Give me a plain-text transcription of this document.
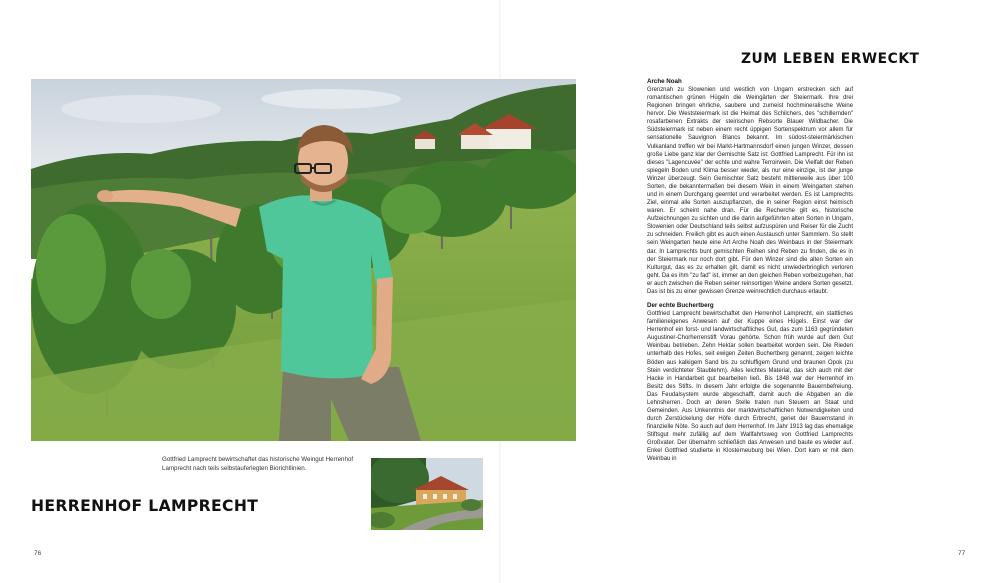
Gottfried Lamprecht bewirtschaftet das historische Weingut Herrenhof Lamprecht nach teils selbstauferlegten Biorichtlinien.
HERRENHOF LAMPRECHT
76
ZUM LEBEN ERWECKT
Arche Noah

Grenznah zu Slowenien und westlich von Ungarn erstrecken sich auf romantischen grünen Hügeln die Weingärten der Steiermark. Ihre drei Regionen bringen ehrliche, saubere und zumeist hochmineralische Weine hervor. Die Weststeiermark ist die Heimat des Schilchers, des "schillernden" rosafarbenen Extrakts der steirischen Rebsorte Blauer Wildbacher. Die Südsteiermark ist neben einem recht üppigen Sortenspektrum vor allem für sensationelle Sauvignon Blancs bekannt. Im südost-steiermärkischen Vulkanland treffen wir bei Markt-Hartmannsdorf einen jungen Winzer, dessen große Liebe ganz klar der Gemischte Satz ist: Gottfried Lamprecht. Für ihn ist dieses "Lagencuvée" der echte und wahre Terroirwein. Die Vielfalt der Reben spiegeln Boden und Klima besser wieder, als nur eine einzige, ist der junge Winzer überzeugt. Sein Gemischter Satz besteht mittlerweile aus über 100 Sorten, die bekanntermaßen bei diesem Wein in einem Weingarten stehen und in einem Durchgang geerntet und verarbeitet werden. Es ist Lamprechts Ziel, einmal alle Sorten auszupflanzen, die in seiner Region einst heimisch waren. Er scheint nahe dran. Für die Recherche gilt es, historische Aufzeichnungen zu sichten und die darin aufgeführten alten Sorten in Ungarn, Slowenien oder Deutschland teils selbst aufzuspüren und Reiser für die Zucht zu schneiden. Freilich gibt es auch einen Austausch unter Sammlern. So stellt sein Weingarten heute eine Art Arche Noah des Weinbaus in der Steiermark dar. In Lamprechts bunt gemischten Reihen sind Reben zu finden, die es in der Steiermark nur noch dort gibt. Für den Winzer sind die alten Sorten ein Kulturgut, das es zu erhalten gilt, damit es nicht unwiederbringlich verloren geht. Da es ihm "zu fad" ist, immer an den gleichen Reben vorbeizugehen, hat er auch zwischen die Reben seiner reinsortigen Weine andere Sorten gesetzt. Das ist bis zu einer gewissen Grenze weinrechtlich durchaus erlaubt.

Der echte Buchertberg

Gottfried Lamprecht bewirtschaftet den Herrenhof Lamprecht, ein stattliches familieneigenes Anwesen auf der Kuppe eines Hügels. Einst war der Herrenhof ein forst- und landwirtschaftliches Gut, das zum 1163 gegründeten Augustiner-Chorherrenstift Vorau gehörte. Schon früh wurde auf dem Gut Weinbau betrieben. Zehn Hektar sollen bearbeitet worden sein. Die Rieden unterhalb des Hofes, seit ewigen Zeiten Buchertberg genannt, zeigen leichte Böden aus kalkigem Sand bis zu schluffigem Grund und braunen Opok (zu Stein verdichteter Staublehm). Alles leichtes Material, das sich auch mit der Hacke in Handarbeit gut bearbeiten ließ. Bis 1848 war der Herrenhof im Besitz des Stifts. In diesem Jahr erfolgte die sogenannte Bauernbefreiung. Das Feudalsystem wurde abgeschafft, damit auch die Abgaben an die Lehnsherren. Doch an deren Stelle traten nun Steuern an Staat und Gemeinden. Aus Unkenntnis der marktwirtschaftlichen Notwendigkeiten und durch Zerstückelung der Höfe durch Erbrecht, geriet der Bauernstand in finanzielle Nöte. So auch auf dem Herrenhof. Im Jahr 1913 lag das ehemalige Stiftsgut mehr zufällig auf dem Wallfahrtsweg von Gottfried Lamprechts Großvater. Der übernahm schließlich das Anwesen und baute es wieder auf. Enkel Gottfried studierte in Klosterneuburg bei Wien. Dort kam er mit dem Weinbau in

77
